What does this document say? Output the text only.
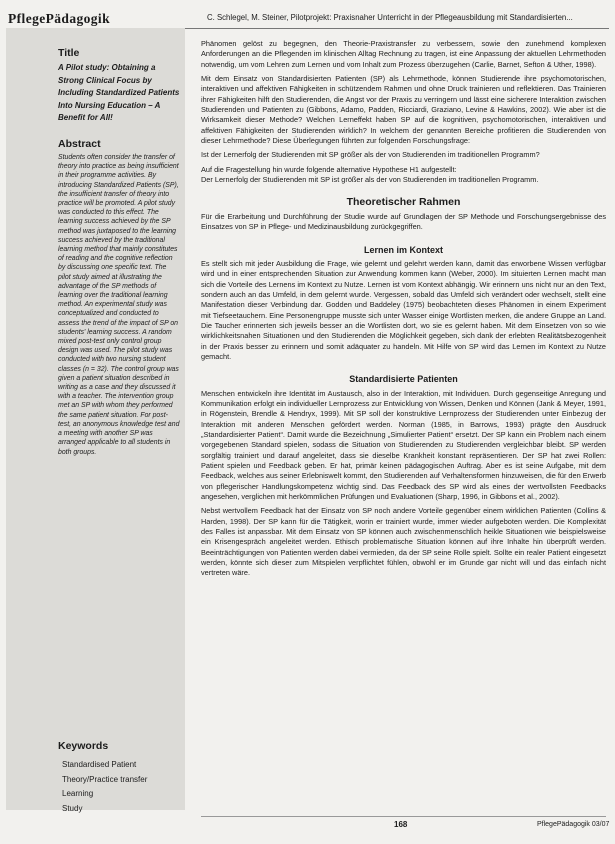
PflegePädagogik	C. Schlegel, M. Steiner, Pilotprojekt: Praxisnaher Unterricht in der Pflegeausbildung mit Standardisierten...
Title
A Pilot study: Obtaining a Strong Clinical Focus by Including Standardized Patients Into Nursing Education – A Benefit for All!
Abstract

Students often consider the transfer of theory into practice as being insufficient in their programme activities. By introducing Standardized Patients (SP), the insufficient transfer of theory into practice will be promoted. A pilot study was conducted to this effect. The learning success achieved by the SP method was juxtaposed to the learning success achieved by the traditional learning method that mainly constitutes of reading and the cognitive reflection by discussing one specific text. The pilot study aimed at illustrating the advantage of the SP methods of learning over the traditional learning method. An experimental study was conceptualized and conducted to assess the trend of the impact of SP on students' learning success. A random mixed post-test only control group design was used. The pilot study was conducted with two nursing student classes (n = 32). The control group was given a patient situation described in writing as a case and they discussed it with a teacher. The intervention group met an SP with whom they performed the same patient situation. For post-test, an anonymous knowledge test and a meeting with another SP was arranged applicable to all students in both groups.

Keywords
Standardised Patient
Theory/Practice transfer
Learning
Study

Phänomen gelöst zu begegnen, den Theorie-Praxistransfer zu verbessern, sowie den zunehmend komplexen Anforderungen an die Pflegenden im klinischen Alltag Rechnung zu tragen, ist eine Anpassung der aktuellen Lehrmethoden notwendig, um vom Lehren zum Lernen und vom Inhalt zum Prozess überzugehen (Carlie, Barnet, Sefton & Uther, 1998).

Mit dem Einsatz von Standardisierten Patienten (SP) als Lehrmethode, können Studierende ihre psychomotorischen, interaktiven und affektiven Fähigkeiten in schützendem Rahmen und ohne Druck trainieren und reflektieren. Das Trainieren ihrer Fähigkeiten hilft den Studierenden, die Angst vor der Praxis zu verringern und lässt eine sicherere Interaktion zwischen Studierenden und Patienten zu (Gibbons, Adamo, Padden, Ricciardi, Graziano, Levine & Hawkins, 2002). Wie aber ist die Wirksamkeit dieser Methode? Welchen Lerneffekt haben SP auf die kognitiven, psychomotorischen, interaktiven und affektiven Fähigkeiten der Studierenden wirklich? In welchem der genannten Bereiche profitieren die Studierenden von dieser Lehrmethode? Diese Überlegungen führten zur folgenden Forschungsfrage:

Ist der Lernerfolg der Studierenden mit SP größer als der von Studierenden im traditionellen Programm?

Auf die Fragestellung hin wurde folgende alternative Hypothese H1 aufgestellt:

Der Lernerfolg der Studierenden mit SP ist größer als der von Studierenden im traditionellen Programm.

Theoretischer Rahmen

Für die Erarbeitung und Durchführung der Studie wurde auf Grundlagen der SP Methode und Forschungsergebnisse des Einsatzes von SP in Pflege- und Medizinausbildung zurückgegriffen.

Lernen im Kontext

Es stellt sich mit jeder Ausbildung die Frage, wie gelernt und gelehrt werden kann, damit das erworbene Wissen verfügbar wird und in einer entsprechenden Situation zur Anwendung kommen kann (Weber, 2000). Im situierten Lernen macht man sich die Vorteile des Lernens im Kontext zu Nutze. Lernen ist vom Kontext abhängig. Wir erinnern uns nicht nur an den Text, sondern auch an das Umfeld, in dem gelernt wurde. Vergessen, sobald das Umfeld sich verändert oder wechselt, stellt eine Manifestation dieser Verbindung dar. Godden und Baddeley (1975) beobachteten dieses Phänomen in einem Experiment mit Tiefseetauchern. Eine Personengruppe musste sich unter Wasser einige Wortlisten merken, die andere Gruppe an Land. Die Taucher erinnerten sich jeweils besser an die Wortlisten dort, wo sie es gelernt haben. Mit dem Einsetzen von so wie wirklichkeitsnahen Situationen und den Studierenden die Möglichkeit gegeben, sich dank der erlebten Realitätsbezogenheit in der Praxis besser zu erinnern und somit adäquater zu handeln. Mit Hilfe von SP wird das Lernen im Kontext zu Nutze gemacht.

Standardisierte Patienten

Menschen entwickeln ihre Identität im Austausch, also in der Interaktion, mit Individuen. Durch gegenseitige Anregung und Kommunikation erfolgt ein individueller Lernprozess zur Entwicklung von Wissen, Denken und Können (Jank & Meyer, 1991, in Rögenstein, Brendle & Hendryx, 1999). Mit SP soll der konstruktive Lernprozess der Studierenden unter Einbezug der Interaktion mit anderen Menschen gefördert werden. Norman (1985, in Barrows, 1993) prägte den Ausdruck „Standardisierter Patient“. Damit wurde die Bezeichnung „Simulierter Patient“ ersetzt. Der SP kann ein Problem nach einem vorgegebenen Standard spielen, sodass die Situation von Studierenden zu Studierenden vergleichbar bleibt. SP werden sorgfältig trainiert und darauf angeleitet, dass sie dieselbe Krankheit konstant repräsentieren. Der SP hat zwei Rollen: Patient spielen und Feedback geben. Er hat, primär keinen pädagogischen Auftrag. Aber es ist seine Aufgabe, mit dem Feedback, welches aus seiner Erlebniswelt kommt, den Studierenden auf Verhaltensformen hinzuweisen, die für den Erwerb von pflegerischer Handlungskompetenz wichtig sind. Das Feedback des SP wird als eines der wertvollsten Feedbacks angesehen, verglichen mit herkömmlichen Prüfungen und Evaluationen (Sharp, 1996, in Gibbons et al., 2002).

Nebst wertvollem Feedback hat der Einsatz von SP noch andere Vorteile gegenüber einem wirklichen Patienten (Collins & Harden, 1998). Der SP kann für die Tätigkeit, worin er trainiert wurde, immer wieder aufgeboten werden. Die Komplexität des Falles ist anpassbar. Mit dem Einsatz von SP können auch zwischenmenschlich heikle Situationen wie beispielsweise ein Krisengespräch angeleitet werden. Ethisch problematische Situation können auf ihre Inhalte hin überprüft werden. Beeinträchtigungen von Patienten werden dabei vermieden, da der SP seine Rolle spielt. Sollte ein realer Patient eingesetzt werden, könnte sich dieser zum Mitspielen verpflichtet fühlen, obwohl er im Grunde gar nicht will und das einfach nicht vertreten wäre.

168	PflegePädagogik 03/07
